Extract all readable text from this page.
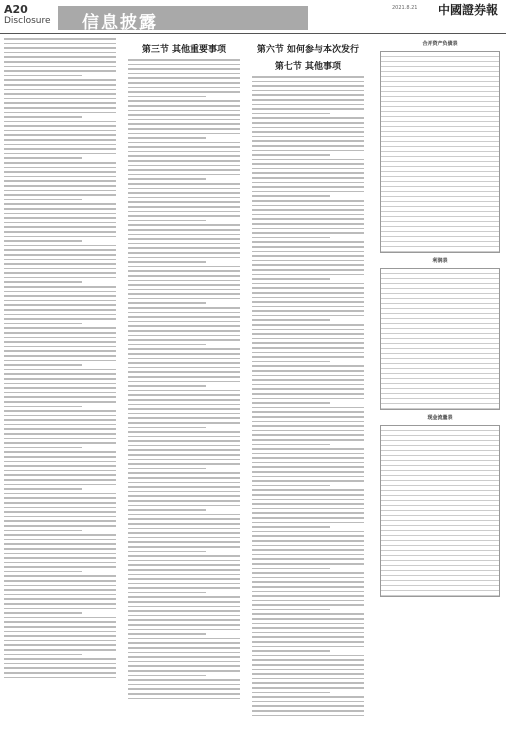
A20
Disclosure 信息披露
2021.8.21 中國證券報
第三节 其他重要事项	第六节 如何参与本次发行
第七节 其他事项
合并资产负债表
利润表
现金流量表
